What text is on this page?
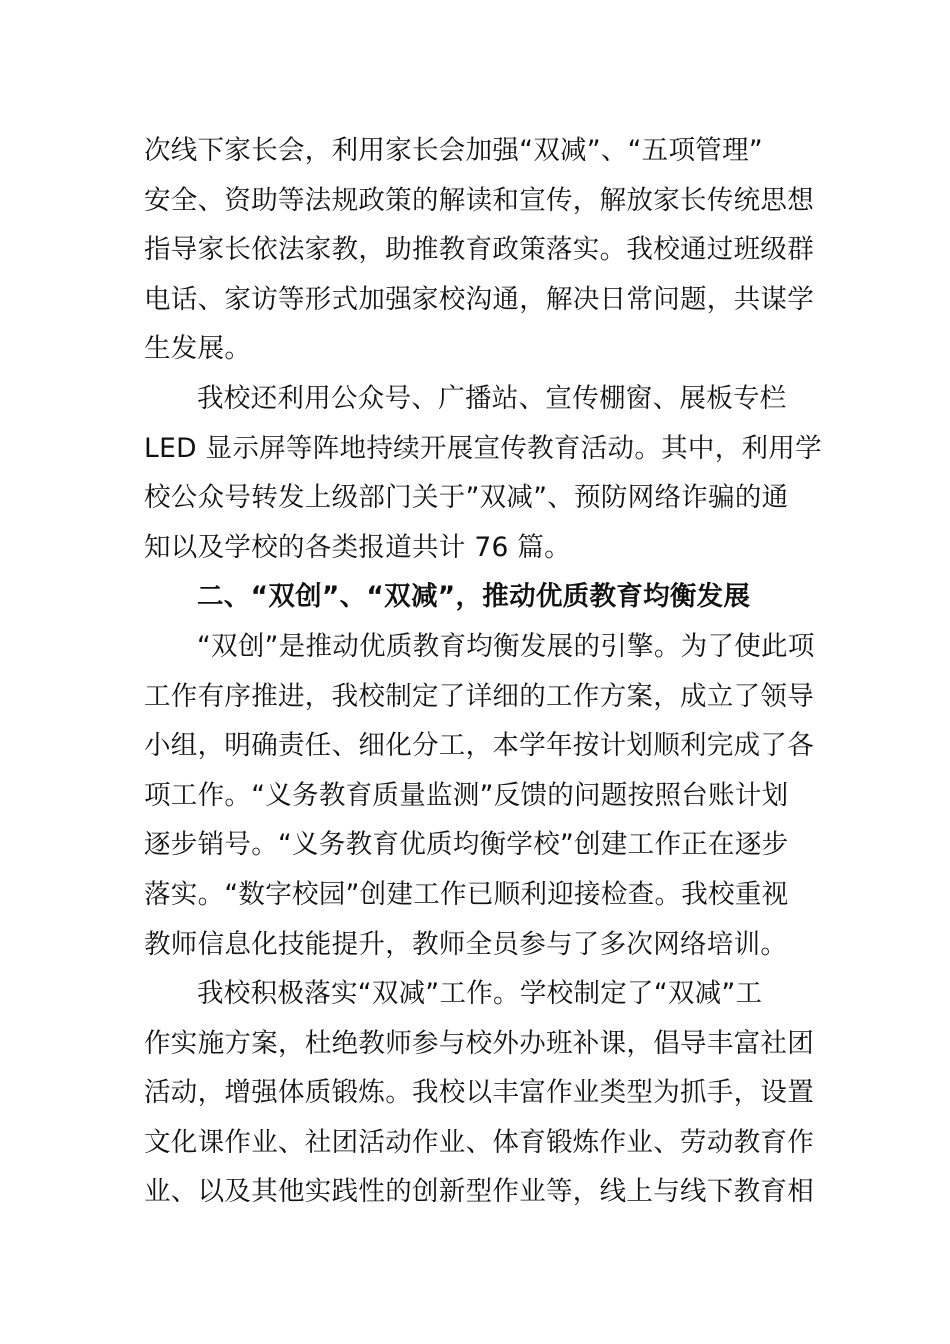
次线下家长会，利用家长会加强“双减”、“五项管理”
安全、资助等法规政策的解读和宣传，解放家长传统思想
指导家长依法家教，助推教育政策落实。我校通过班级群
电话、家访等形式加强家校沟通，解决日常问题，共谋学
生发展。
我校还利用公众号、广播站、宣传棚窗、展板专栏
LED 显示屏等阵地持续开展宣传教育活动。其中，利用学
校公众号转发上级部门关于”双减”、预防网络诈骗的通
知以及学校的各类报道共计 76 篇。
二、“双创”、“双减”，推动优质教育均衡发展
“双创”是推动优质教育均衡发展的引擎。为了使此项
工作有序推进，我校制定了详细的工作方案，成立了领导
小组，明确责任、细化分工，本学年按计划顺利完成了各
项工作。“义务教育质量监测”反馈的问题按照台账计划
逐步销号。“义务教育优质均衡学校”创建工作正在逐步
落实。“数字校园”创建工作已顺利迎接检查。我校重视
教师信息化技能提升，教师全员参与了多次网络培训。
我校积极落实“双减”工作。学校制定了“双减”工
作实施方案，杜绝教师参与校外办班补课，倡导丰富社团
活动，增强体质锻炼。我校以丰富作业类型为抓手，设置
文化课作业、社团活动作业、体育锻炼作业、劳动教育作
业、以及其他实践性的创新型作业等，线上与线下教育相
